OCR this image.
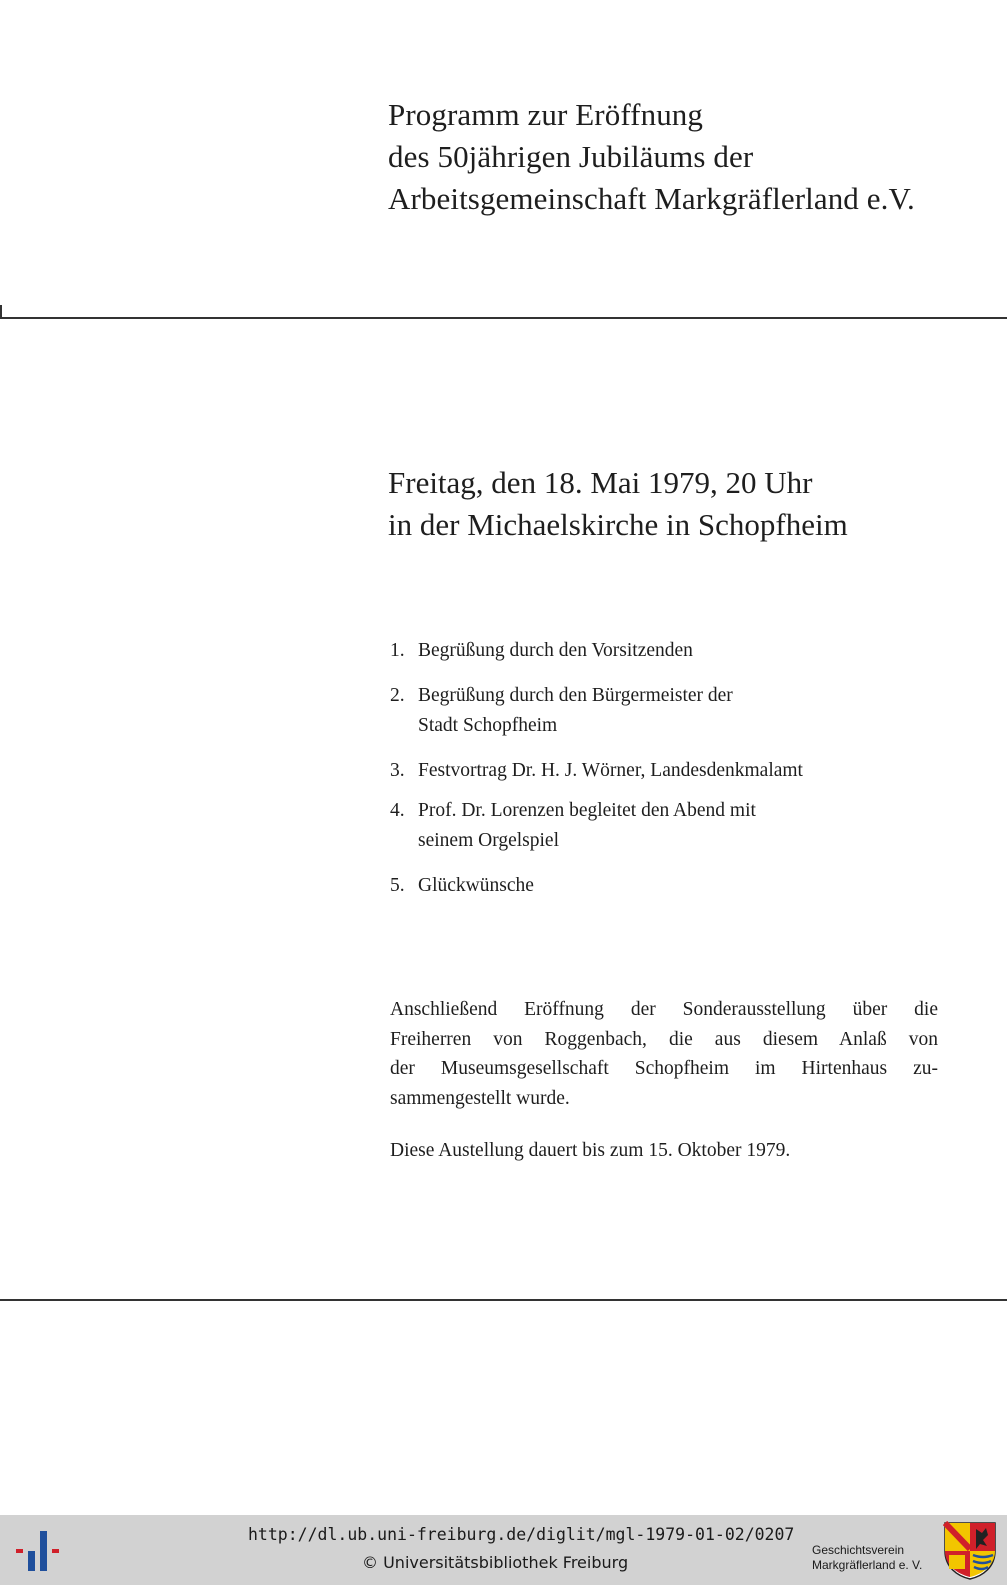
Programm zur Eröffnung
des 50jährigen Jubiläums der
Arbeitsgemeinschaft Markgräflerland e.V.
Freitag, den 18. Mai 1979, 20 Uhr
in der Michaelskirche in Schopfheim
1. Begrüßung durch den Vorsitzenden
2. Begrüßung durch den Bürgermeister der
Stadt Schopfheim
3. Festvortrag Dr. H. J. Wörner, Landesdenkmalamt
4. Prof. Dr. Lorenzen begleitet den Abend mit
seinem Orgelspiel
5. Glückwünsche

Anschließend Eröffnung der Sonderausstellung über die
Freiherren von Roggenbach, die aus diesem Anlaß von
der Museumsgesellschaft Schopfheim im Hirtenhaus zu-
sammengestellt wurde.

Diese Austellung dauert bis zum 15. Oktober 1979.

http://dl.ub.uni-freiburg.de/diglit/mgl-1979-01-02/0207
© Universitätsbibliothek Freiburg
Geschichtsverein
Markgräflerland e. V.
